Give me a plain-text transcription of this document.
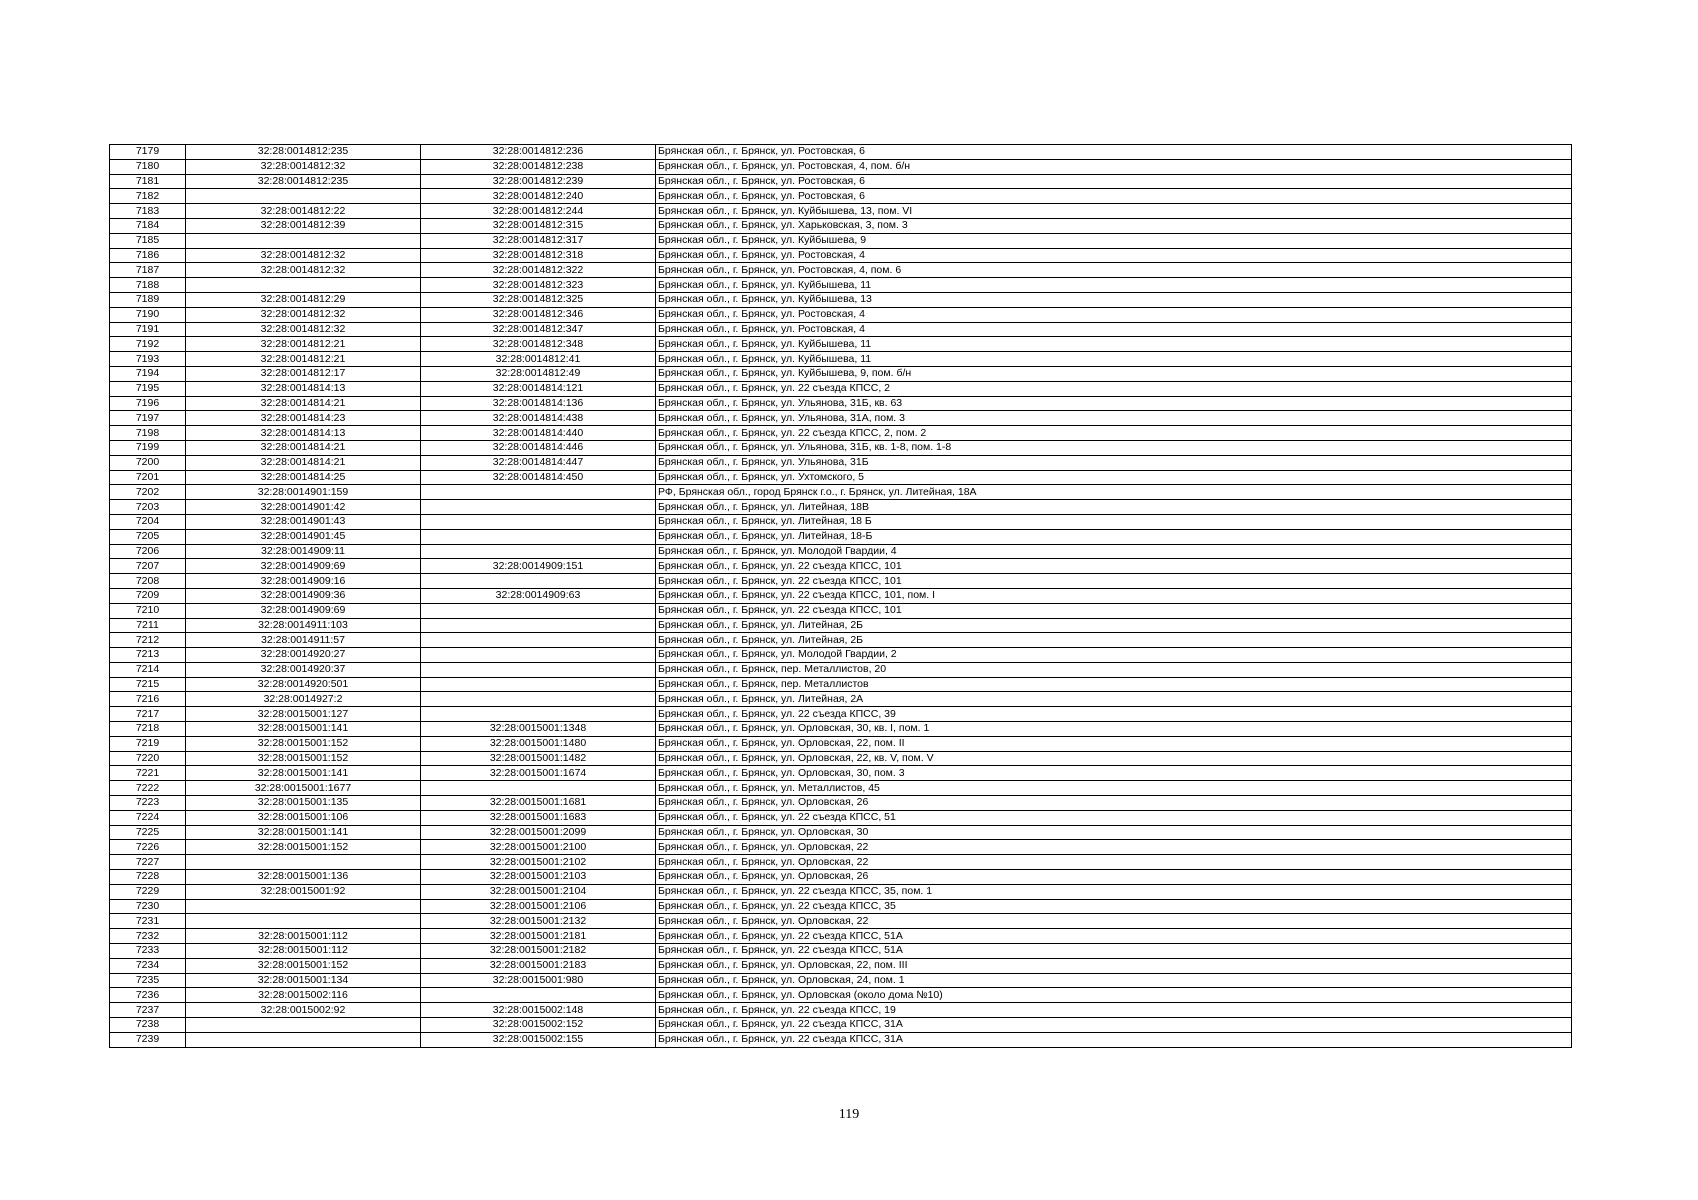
7179	32:28:0014812:235	32:28:0014812:236	Брянская обл., г. Брянск, ул. Ростовская, 6
7180	32:28:0014812:32	32:28:0014812:238	Брянская обл., г. Брянск, ул. Ростовская, 4, пом. б/н
7181	32:28:0014812:235	32:28:0014812:239	Брянская обл., г. Брянск, ул. Ростовская, 6
7182		32:28:0014812:240	Брянская обл., г. Брянск, ул. Ростовская, 6
7183	32:28:0014812:22	32:28:0014812:244	Брянская обл., г. Брянск, ул. Куйбышева, 13, пом. VI
7184	32:28:0014812:39	32:28:0014812:315	Брянская обл., г. Брянск, ул. Харьковская, 3, пом. 3
7185		32:28:0014812:317	Брянская обл., г. Брянск, ул. Куйбышева, 9
7186	32:28:0014812:32	32:28:0014812:318	Брянская обл., г. Брянск, ул. Ростовская, 4
7187	32:28:0014812:32	32:28:0014812:322	Брянская обл., г. Брянск, ул. Ростовская, 4, пом. 6
7188		32:28:0014812:323	Брянская обл., г. Брянск, ул. Куйбышева, 11
7189	32:28:0014812:29	32:28:0014812:325	Брянская обл., г. Брянск, ул. Куйбышева, 13
7190	32:28:0014812:32	32:28:0014812:346	Брянская обл., г. Брянск, ул. Ростовская, 4
7191	32:28:0014812:32	32:28:0014812:347	Брянская обл., г. Брянск, ул. Ростовская, 4
7192	32:28:0014812:21	32:28:0014812:348	Брянская обл., г. Брянск, ул. Куйбышева, 11
7193	32:28:0014812:21	32:28:0014812:41	Брянская обл., г. Брянск, ул. Куйбышева, 11
7194	32:28:0014812:17	32:28:0014812:49	Брянская обл., г. Брянск, ул. Куйбышева, 9, пом. б/н
7195	32:28:0014814:13	32:28:0014814:121	Брянская обл., г. Брянск, ул. 22 съезда КПСС, 2
7196	32:28:0014814:21	32:28:0014814:136	Брянская обл., г. Брянск, ул. Ульянова, 31Б, кв. 63
7197	32:28:0014814:23	32:28:0014814:438	Брянская обл., г. Брянск, ул. Ульянова, 31А, пом. 3
7198	32:28:0014814:13	32:28:0014814:440	Брянская обл., г. Брянск, ул. 22 съезда КПСС, 2, пом. 2
7199	32:28:0014814:21	32:28:0014814:446	Брянская обл., г. Брянск, ул. Ульянова, 31Б, кв. 1-8, пом. 1-8
7200	32:28:0014814:21	32:28:0014814:447	Брянская обл., г. Брянск, ул. Ульянова, 31Б
7201	32:28:0014814:25	32:28:0014814:450	Брянская обл., г. Брянск, ул. Ухтомского, 5
7202	32:28:0014901:159		РФ, Брянская обл., город Брянск г.о., г. Брянск, ул. Литейная, 18А
7203	32:28:0014901:42		Брянская обл., г. Брянск, ул. Литейная, 18В
7204	32:28:0014901:43		Брянская обл., г. Брянск, ул. Литейная, 18 Б
7205	32:28:0014901:45		Брянская обл., г. Брянск, ул. Литейная, 18-Б
7206	32:28:0014909:11		Брянская обл., г. Брянск, ул. Молодой Гвардии, 4
7207	32:28:0014909:69	32:28:0014909:151	Брянская обл., г. Брянск, ул. 22 съезда КПСС, 101
7208	32:28:0014909:16		Брянская обл., г. Брянск, ул. 22 съезда КПСС, 101
7209	32:28:0014909:36	32:28:0014909:63	Брянская обл., г. Брянск, ул. 22 съезда КПСС, 101, пом. I
7210	32:28:0014909:69		Брянская обл., г. Брянск, ул. 22 съезда КПСС, 101
7211	32:28:0014911:103		Брянская обл., г. Брянск, ул. Литейная, 2Б
7212	32:28:0014911:57		Брянская обл., г. Брянск, ул. Литейная, 2Б
7213	32:28:0014920:27		Брянская обл., г. Брянск, ул. Молодой Гвардии, 2
7214	32:28:0014920:37		Брянская обл., г. Брянск, пер. Металлистов, 20
7215	32:28:0014920:501		Брянская обл., г. Брянск, пер. Металлистов
7216	32:28:0014927:2		Брянская обл., г. Брянск, ул. Литейная, 2А
7217	32:28:0015001:127		Брянская обл., г. Брянск, ул. 22 съезда КПСС, 39
7218	32:28:0015001:141	32:28:0015001:1348	Брянская обл., г. Брянск, ул. Орловская, 30, кв. I, пом. 1
7219	32:28:0015001:152	32:28:0015001:1480	Брянская обл., г. Брянск, ул. Орловская, 22, пом. II
7220	32:28:0015001:152	32:28:0015001:1482	Брянская обл., г. Брянск, ул. Орловская, 22, кв. V, пом. V
7221	32:28:0015001:141	32:28:0015001:1674	Брянская обл., г. Брянск, ул. Орловская, 30, пом. 3
7222	32:28:0015001:1677		Брянская обл., г. Брянск, ул. Металлистов, 45
7223	32:28:0015001:135	32:28:0015001:1681	Брянская обл., г. Брянск, ул. Орловская, 26
7224	32:28:0015001:106	32:28:0015001:1683	Брянская обл., г. Брянск, ул. 22 съезда КПСС, 51
7225	32:28:0015001:141	32:28:0015001:2099	Брянская обл., г. Брянск, ул. Орловская, 30
7226	32:28:0015001:152	32:28:0015001:2100	Брянская обл., г. Брянск, ул. Орловская, 22
7227		32:28:0015001:2102	Брянская обл., г. Брянск, ул. Орловская, 22
7228	32:28:0015001:136	32:28:0015001:2103	Брянская обл., г. Брянск, ул. Орловская, 26
7229	32:28:0015001:92	32:28:0015001:2104	Брянская обл., г. Брянск, ул. 22 съезда КПСС, 35, пом. 1
7230		32:28:0015001:2106	Брянская обл., г. Брянск, ул. 22 съезда КПСС, 35
7231		32:28:0015001:2132	Брянская обл., г. Брянск, ул. Орловская, 22
7232	32:28:0015001:112	32:28:0015001:2181	Брянская обл., г. Брянск, ул. 22 съезда КПСС, 51А
7233	32:28:0015001:112	32:28:0015001:2182	Брянская обл., г. Брянск, ул. 22 съезда КПСС, 51А
7234	32:28:0015001:152	32:28:0015001:2183	Брянская обл., г. Брянск, ул. Орловская, 22, пом. III
7235	32:28:0015001:134	32:28:0015001:980	Брянская обл., г. Брянск, ул. Орловская, 24, пом. 1
7236	32:28:0015002:116		Брянская обл., г. Брянск, ул. Орловская (около дома №10)
7237	32:28:0015002:92	32:28:0015002:148	Брянская обл., г. Брянск, ул. 22 съезда КПСС, 19
7238		32:28:0015002:152	Брянская обл., г. Брянск, ул. 22 съезда КПСС, 31А
7239		32:28:0015002:155	Брянская обл., г. Брянск, ул. 22 съезда КПСС, 31А
119
